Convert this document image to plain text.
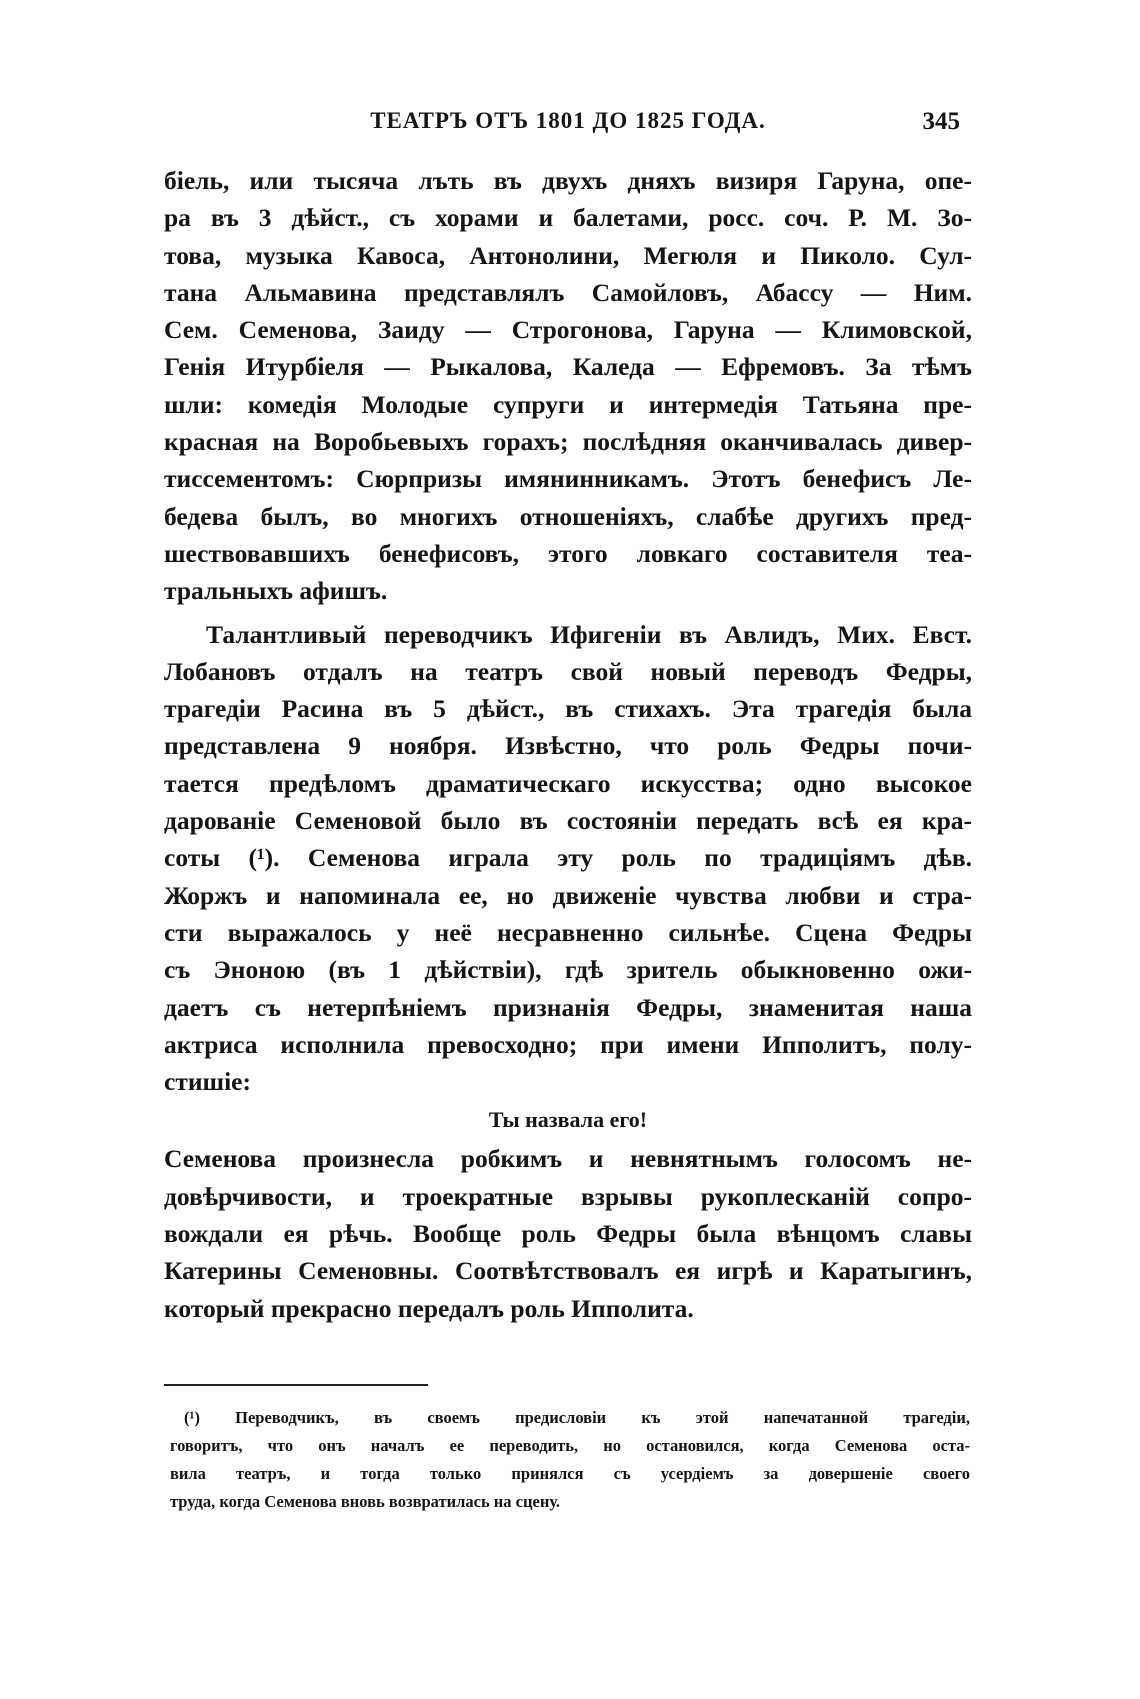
ТЕАТРЪ ОТЪ 1801 ДО 1825 ГОДА.	345
біель, или тысяча лъть въ двухъ дняхъ визиря Гаруна, опе-
ра въ 3 дѣйст., съ хорами и балетами, росс. соч. Р. М. Зо-
това, музыка Кавоса, Антонолини, Мегюля и Пиколо. Сул-
тана Альмавина представлялъ Самойловъ, Абассу — Ним.
Сем. Семенова, Заиду — Строгонова, Гаруна — Климовской,
Генія Итурбіеля — Рыкалова, Каледа — Ефремовъ. За тѣмъ
шли: комедія Молодые супруги и интермедія Татьяна пре-
красная на Воробьевыхъ горахъ; послѣдняя оканчивалась дивер-
тиссементомъ: Сюрпризы имянинникамъ. Этотъ бенефисъ Ле-
бедева былъ, во многихъ отношеніяхъ, слабѣе другихъ пред-
шествовавшихъ бенефисовъ, этого ловкаго составителя теа-
тральныхъ афишъ.
Талантливый переводчикъ Ифигеніи въ Авлидъ, Мих. Евст.
Лобановъ отдалъ на театръ свой новый переводъ Федры,
трагедіи Расина въ 5 дѣйст., въ стихахъ. Эта трагедія была
представлена 9 ноября. Извѣстно, что роль Федры почи-
тается предѣломъ драматическаго искусства; одно высокое
дарованіе Семеновой было въ состояніи передать всѣ ея кра-
соты (¹). Семенова играла эту роль по традиціямъ дѣв.
Жоржъ и напоминала ее, но движеніе чувства любви и стра-
сти выражалось у неё несравненно сильнѣе. Сцена Федры
съ Эноною (въ 1 дѣйствіи), гдѣ зритель обыкновенно ожи-
даетъ съ нетерпѣніемъ признанія Федры, знаменитая наша
актриса исполнила превосходно; при имени Ипполитъ, полу-
стишіе:
Ты назвала его!
Семенова произнесла робкимъ и невнятнымъ голосомъ не-
довѣрчивости, и троекратные взрывы рукоплесканій сопро-
вождали ея рѣчь. Вообще роль Федры была вѣнцомъ славы
Катерины Семеновны. Соотвѣтствовалъ ея игрѣ и Каратыгинъ,
который прекрасно передалъ роль Ипполита.
(¹) Переводчикъ, въ своемъ предисловіи къ этой напечатанной трагедіи,
говоритъ, что онъ началъ ее переводить, но остановился, когда Семенова оста-
вила театръ, и тогда только принялся съ усердіемъ за довершеніе своего
труда, когда Семенова вновь возвратилась на сцену.
